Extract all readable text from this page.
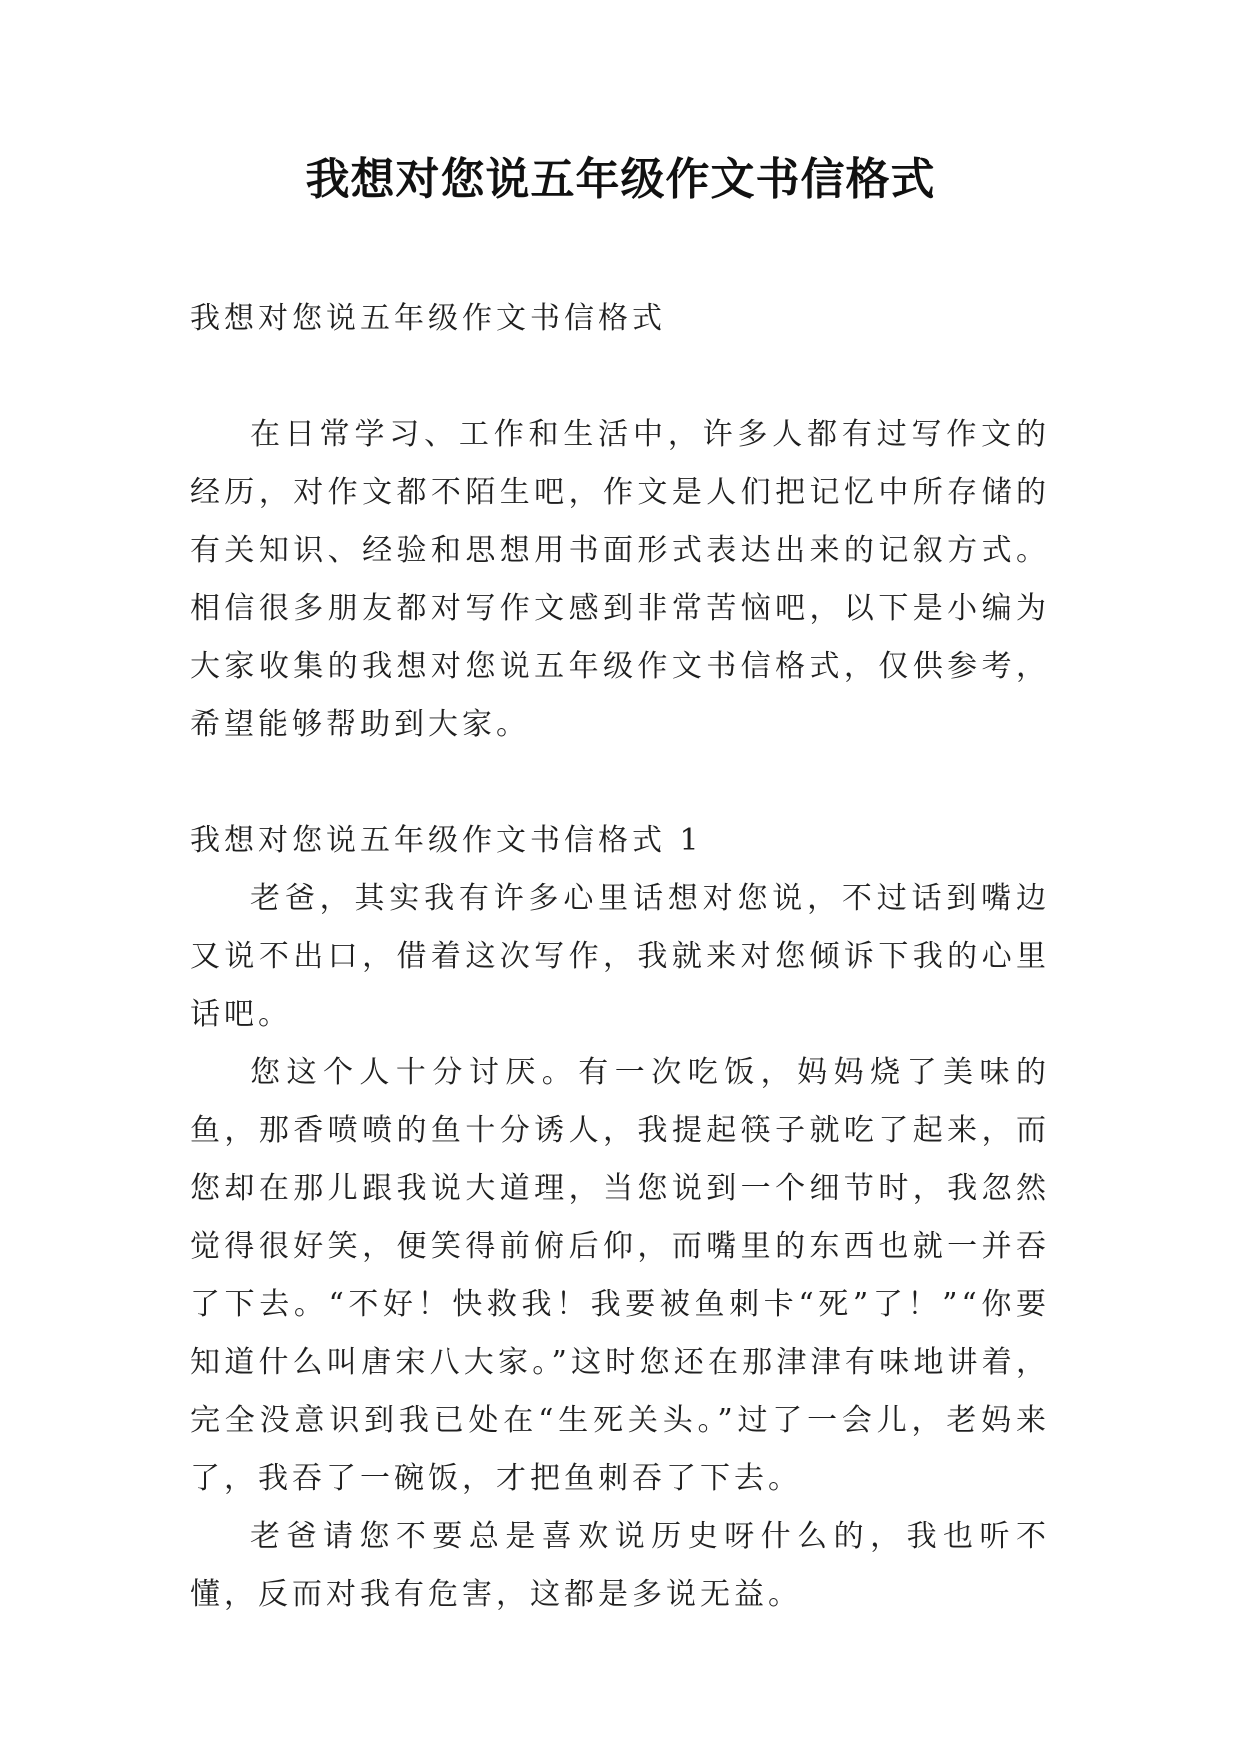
我想对您说五年级作文书信格式

我想对您说五年级作文书信格式

在日常学习、工作和生活中，许多人都有过写作文的经历，对作文都不陌生吧，作文是人们把记忆中所存储的有关知识、经验和思想用书面形式表达出来的记叙方式。相信很多朋友都对写作文感到非常苦恼吧，以下是小编为大家收集的我想对您说五年级作文书信格式，仅供参考，希望能够帮助到大家。

我想对您说五年级作文书信格式 1

老爸，其实我有许多心里话想对您说，不过话到嘴边又说不出口，借着这次写作，我就来对您倾诉下我的心里话吧。

您这个人十分讨厌。有一次吃饭，妈妈烧了美味的鱼，那香喷喷的鱼十分诱人，我提起筷子就吃了起来，而您却在那儿跟我说大道理，当您说到一个细节时，我忽然觉得很好笑，便笑得前俯后仰，而嘴里的东西也就一并吞了下去。“不好！快救我！我要被鱼刺卡“死”了！”“你要知道什么叫唐宋八大家。”这时您还在那津津有味地讲着，完全没意识到我已处在“生死关头。”过了一会儿，老妈来了，我吞了一碗饭，才把鱼刺吞了下去。

老爸请您不要总是喜欢说历史呀什么的，我也听不懂，反而对我有危害，这都是多说无益。
